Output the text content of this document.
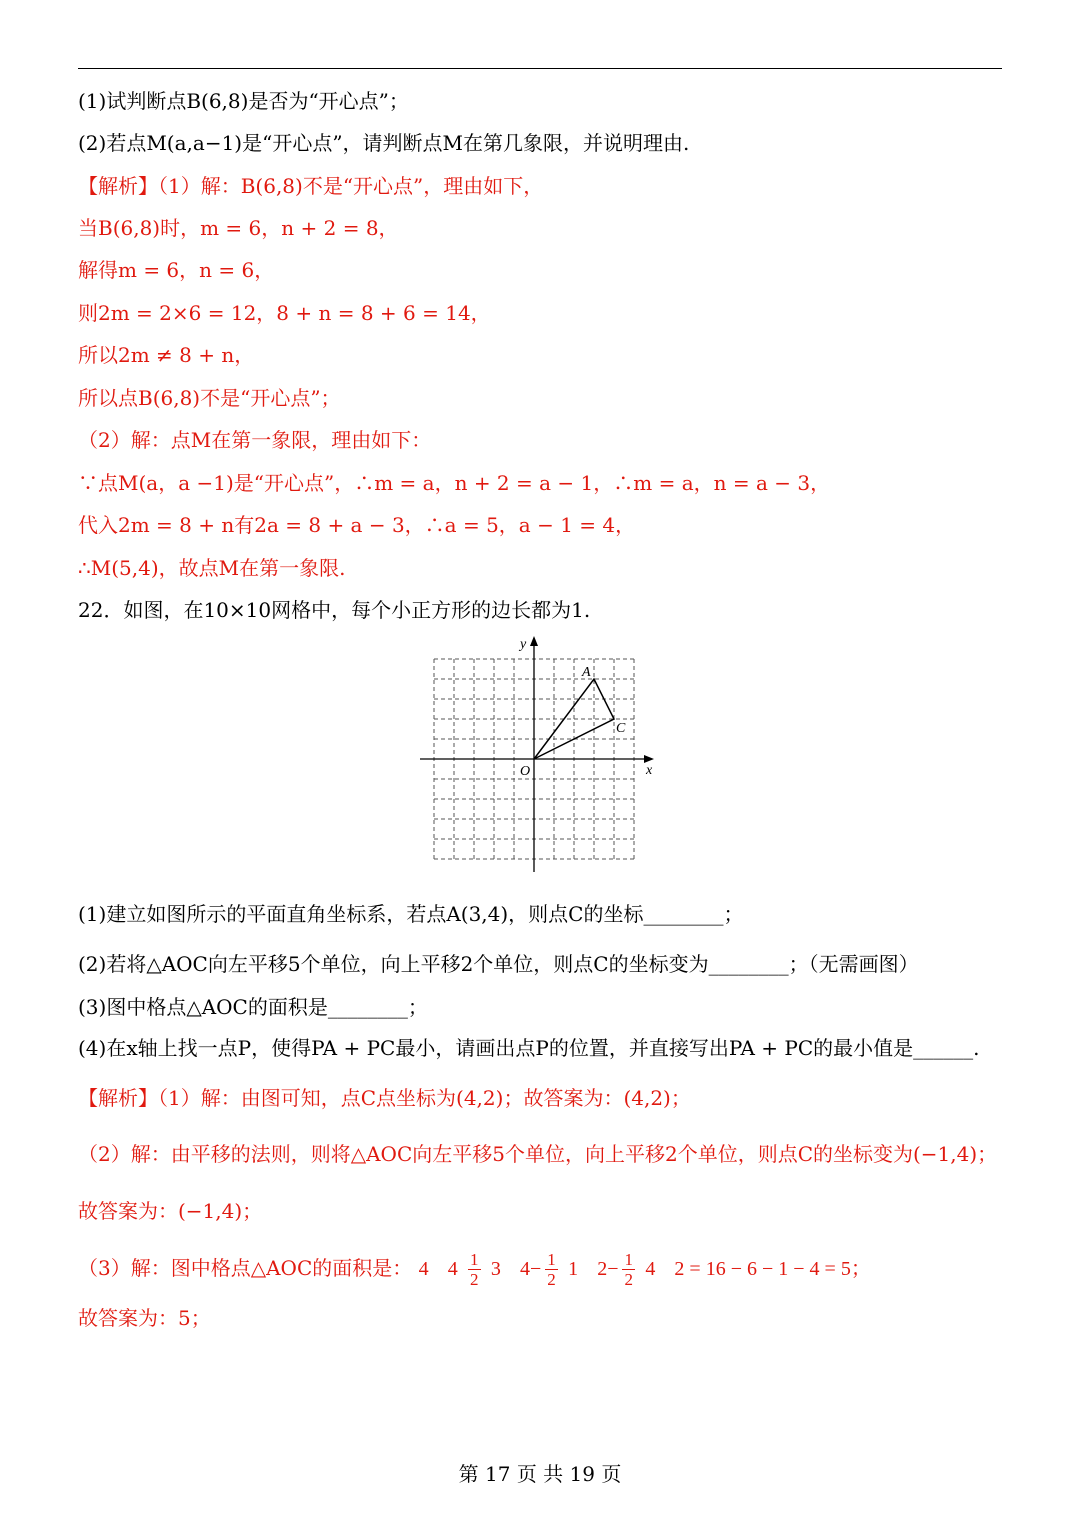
(1)试判断点B(6,8)是否为“开心点”；
(2)若点M(a,a−1)是“开心点”，请判断点M在第几象限，并说明理由.
【解析】（1）解：B(6,8)不是“开心点”，理由如下，
当B(6,8)时，m = 6，n + 2 = 8，
解得m = 6，n = 6，
则2m = 2×6 = 12，8 + n = 8 + 6 = 14，
所以2m ≠ 8 + n，
所以点B(6,8)不是“开心点”；
（2）解：点M在第一象限，理由如下：
∵点M(a，a −1)是“开心点”，∴m = a，n + 2 = a − 1，∴m = a，n = a − 3，
代入2m = 8 + n有2a = 8 + a − 3，∴a = 5，a − 1 = 4，
∴M(5,4)，故点M在第一象限.
22．如图，在10×10网格中，每个小正方形的边长都为1.
y
x
O
A
C
(1)建立如图所示的平面直角坐标系，若点A(3,4)，则点C的坐标________；
(2)若将△AOC向左平移5个单位，向上平移2个单位，则点C的坐标变为________；（无需画图）
(3)图中格点△AOC的面积是________；
(4)在x轴上找一点P，使得PA + PC最小，请画出点P的位置，并直接写出PA + PC的最小值是______.
【解析】（1）解：由图可知，点C点坐标为(4,2)；故答案为：(4,2)；
（2）解：由平移的法则，则将△AOC向左平移5个单位，向上平移2个单位，则点C的坐标变为(−1,4)；
故答案为：(−1,4)；
（3）解：图中格点△AOC的面积是： 4 $4 \frac{1}{2} 3$ $4- \frac{1}{2} 1$ $2- \frac{1}{2} 4$ 2 = 16 − 6 − 1 − 4 = 5；
故答案为：5；
第 17 页 共 19 页
